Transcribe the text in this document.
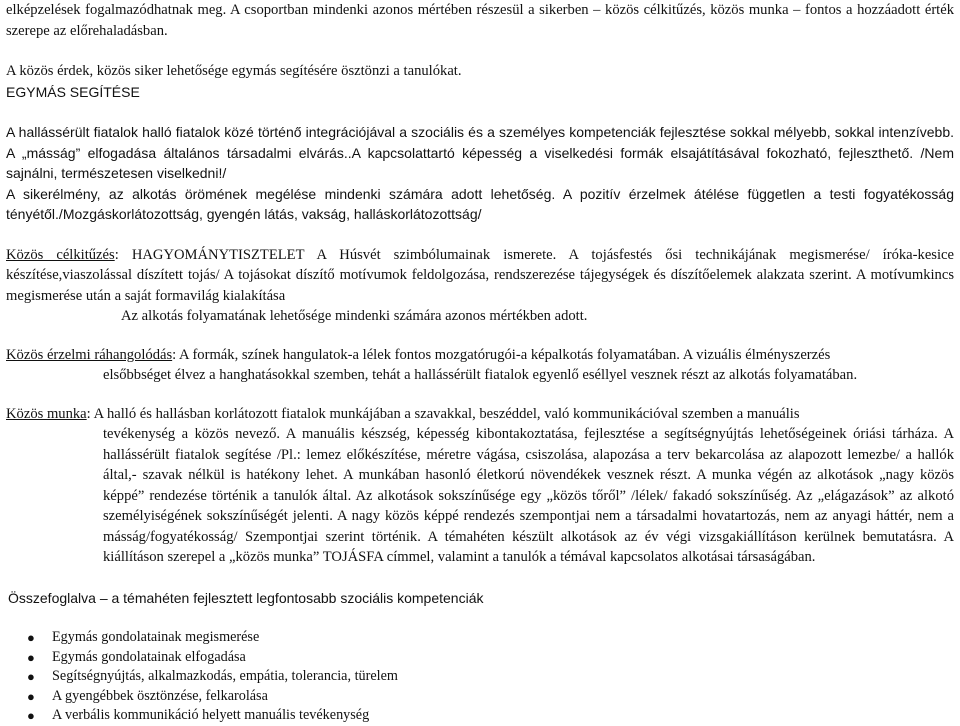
elképzelések fogalmazódhatnak meg. A csoportban mindenki azonos mértében részesül a sikerben – közös célkitűzés, közös munka – fontos a hozzáadott érték szerepe az előrehaladásban.

A közös érdek, közös siker lehetősége egymás segítésére ösztönzi a tanulókat.

EGYMÁS SEGÍTÉSE

A hallássérült fiatalok halló fiatalok közé történő integrációjával a szociális és a személyes kompetenciák fejlesztése sokkal mélyebb, sokkal intenzívebb. A „másság” elfogadása általános társadalmi elvárás..A kapcsolattartó képesség a viselkedési formák elsajátításával fokozható, fejleszthető. /Nem sajnálni, természetesen viselkedni!/

A sikerélmény, az alkotás örömének megélése mindenki számára adott lehetőség. A pozitív érzelmek átélése független a testi fogyatékosság tényétől./Mozgáskorlátozottság, gyengén látás, vakság, halláskorlátozottság/

Közös célkitűzés: HAGYOMÁNYTISZTELET A Húsvét szimbólumainak ismerete. A tojásfestés ősi technikájának megismerése/ íróka-kesice készítése,viaszolással díszített tojás/ A tojásokat díszítő motívumok feldolgozása, rendszerezése tájegységek és díszítőelemek alakzata szerint. A motívumkincs megismerése után a saját formavilág kialakítása

Az alkotás folyamatának lehetősége mindenki számára azonos mértékben adott.

Közös érzelmi ráhangolódás: A formák, színek hangulatok-a lélek fontos mozgatórugói-a képalkotás folyamatában. A vizuális élményszerzés

elsőbbséget élvez a hanghatásokkal szemben, tehát a hallássérült fiatalok egyenlő eséllyel vesznek részt az alkotás folyamatában.

Közös munka: A halló és hallásban korlátozott fiatalok munkájában a szavakkal, beszéddel, való kommunikációval szemben a manuális

tevékenység a közös nevező. A manuális készség, képesség kibontakoztatása, fejlesztése a segítségnyújtás lehetőségeinek óriási tárháza. A hallássérült fiatalok segítése /Pl.: lemez előkészítése, méretre vágása, csiszolása, alapozása a terv bekarcolása az alapozott lemezbe/ a hallók által,- szavak nélkül is hatékony lehet. A munkában hasonló életkorú növendékek vesznek részt. A munka végén az alkotások „nagy közös képpé” rendezése történik a tanulók által. Az alkotások sokszínűsége egy „közös tőről” /lélek/ fakadó sokszínűség. Az „elágazások” az alkotó személyiségének sokszínűségét jelenti. A nagy közös képpé rendezés szempontjai nem a társadalmi hovatartozás, nem az anyagi háttér, nem a másság/fogyatékosság/ Szempontjai szerint történik. A témahéten készült alkotások az év végi vizsgakiállításon kerülnek bemutatásra. A kiállításon szerepel a „közös munka” TOJÁSFA címmel, valamint a tanulók a témával kapcsolatos alkotásai társaságában.

Összefoglalva – a témahéten fejlesztett legfontosabb szociális kompetenciák

● Egymás gondolatainak megismerése
● Egymás gondolatainak elfogadása
● Segítségnyújtás, alkalmazkodás, empátia, tolerancia, türelem
● A gyengébbek ösztönzése, felkarolása
● A verbális kommunikáció helyett manuális tevékenység
